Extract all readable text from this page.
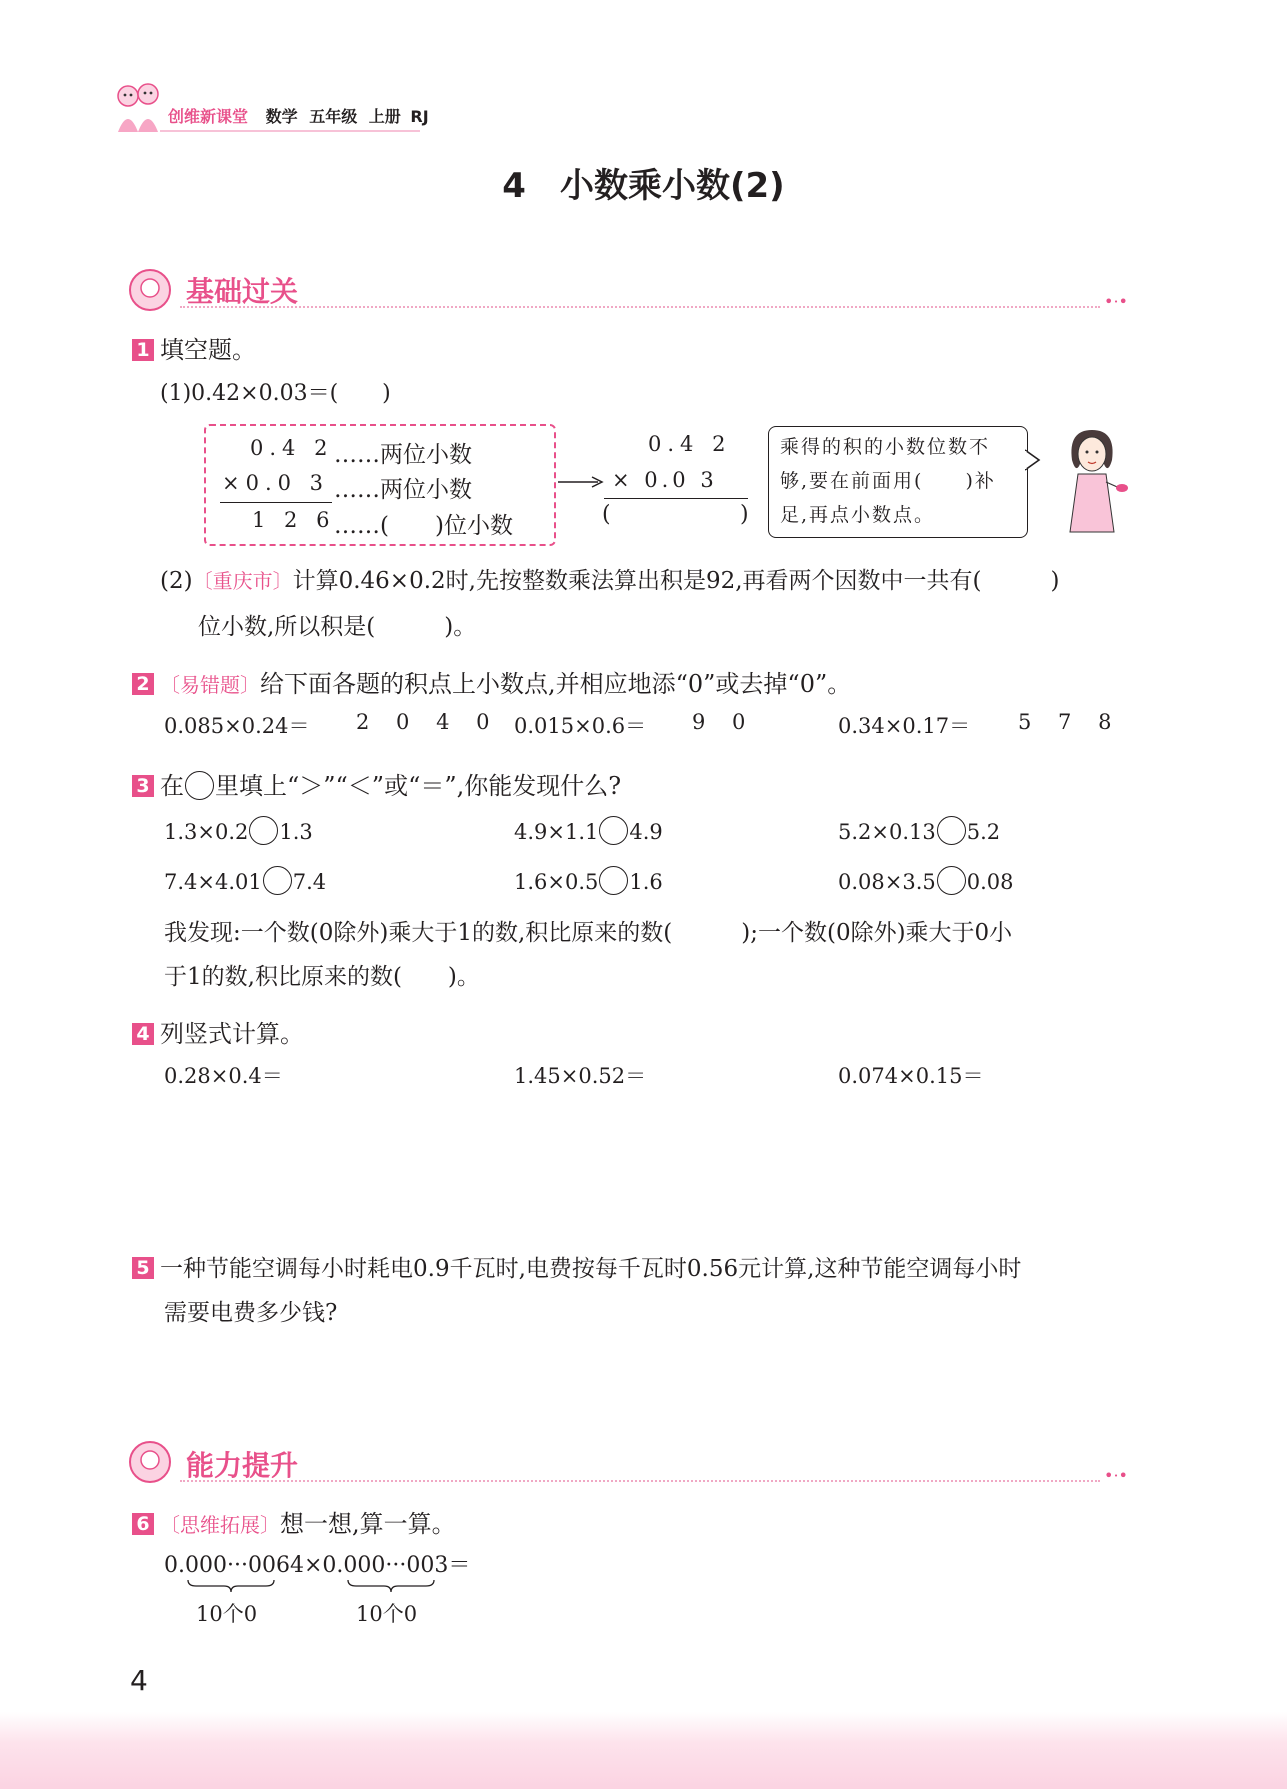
创维新课堂 数学 五年级 上册 RJ
4　小数乘小数(2)
基础过关	•·•
1 填空题。
(1)0.42×0.03＝(　　)
0.4 2 ……两位小数
×0.0 3 ……两位小数
1 2 6
……(　　)位小数
0.4 2
× 0.0 3
(	)
乘得的积的小数位数不
够,要在前面用(　　)补
足,再点小数点。
(2)〔重庆市〕计算0.46×0.2时,先按整数乘法算出积是92,再看两个因数中一共有(　　　)
位小数,所以积是(　　　)。
2 〔易错题〕给下面各题的积点上小数点,并相应地添“0”或去掉“0”。
0.085×0.24＝ 2 0 4 0 0.015×0.6＝ 9 0	0.34×0.17＝ 5 7 8
3 在 里填上“＞”“＜”或“＝”,你能发现什么?
1.3×0.2 1.3	4.9×1.1 4.9	5.2×0.13 5.2
7.4×4.01 7.4	1.6×0.5 1.6	0.08×3.5 0.08
我发现:一个数(0除外)乘大于1的数,积比原来的数(　　　);一个数(0除外)乘大于0小
于1的数,积比原来的数(　　)。
4 列竖式计算。
0.28×0.4＝	1.45×0.52＝	0.074×0.15＝
5 一种节能空调每小时耗电0.9千瓦时,电费按每千瓦时0.56元计算,这种节能空调每小时
需要电费多少钱?
能力提升	•·•
6 〔思维拓展〕想一想,算一算。
0.000···0064×0.000···003＝
10个0	10个0
4
